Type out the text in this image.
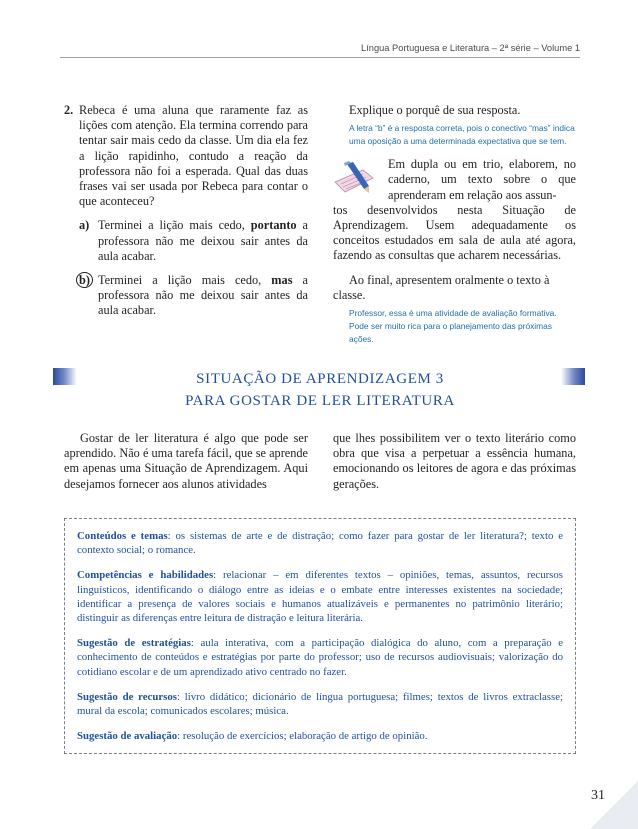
Língua Portuguesa e Literatura – 2ª série – Volume 1
2. Rebeca é uma aluna que raramente faz as lições com atenção. Ela termina correndo para tentar sair mais cedo da classe. Um dia ela fez a lição rapidinho, contudo a reação da professora não foi a esperada. Qual das duas frases vai ser usada por Rebeca para contar o que aconteceu?
a) Terminei a lição mais cedo, portanto a professora não me deixou sair antes da aula acabar.
b) Terminei a lição mais cedo, mas a professora não me deixou sair antes da aula acabar.
Explique o porquê de sua resposta.
A letra “b” é a resposta correta, pois o conectivo “mas” indica uma oposição a uma determinada expectativa que se tem.
Em dupla ou em trio, elaborem, no caderno, um texto sobre o que aprenderam em relação aos assun-
tos desenvolvidos nesta Situação de Aprendizagem. Usem adequadamente os conceitos estudados em sala de aula até agora, fazendo as consultas que acharem necessárias.
Ao final, apresentem oralmente o texto à classe.
Professor, essa é uma atividade de avaliação formativa. Pode ser muito rica para o planejamento das próximas ações.
SITUAÇÃO DE APRENDIZAGEM 3
PARA GOSTAR DE LER LITERATURA
Gostar de ler literatura é algo que pode ser aprendido. Não é uma tarefa fácil, que se aprende em apenas uma Situação de Aprendizagem. Aqui desejamos fornecer aos alunos atividades
que lhes possibilitem ver o texto literário como obra que visa a perpetuar a essência humana, emocionando os leitores de agora e das próximas gerações.

Conteúdos e temas: os sistemas de arte e de distração; como fazer para gostar de ler literatura?; texto e contexto social; o romance.

Competências e habilidades: relacionar – em diferentes textos – opiniões, temas, assuntos, recursos linguísticos, identificando o diálogo entre as ideias e o embate entre interesses existentes na sociedade; identificar a presença de valores sociais e humanos atualizáveis e permanentes no patrimônio literário; distinguir as diferenças entre leitura de distração e leitura literária.

Sugestão de estratégias: aula interativa, com a participação dialógica do aluno, com a preparação e conhecimento de conteúdos e estratégias por parte do professor; uso de recursos audiovisuais; valorização do cotidiano escolar e de um aprendizado ativo centrado no fazer.

Sugestão de recursos: livro didático; dicionário de língua portuguesa; filmes; textos de livros extraclasse; mural da escola; comunicados escolares; música.

Sugestão de avaliação: resolução de exercícios; elaboração de artigo de opinião.

31
